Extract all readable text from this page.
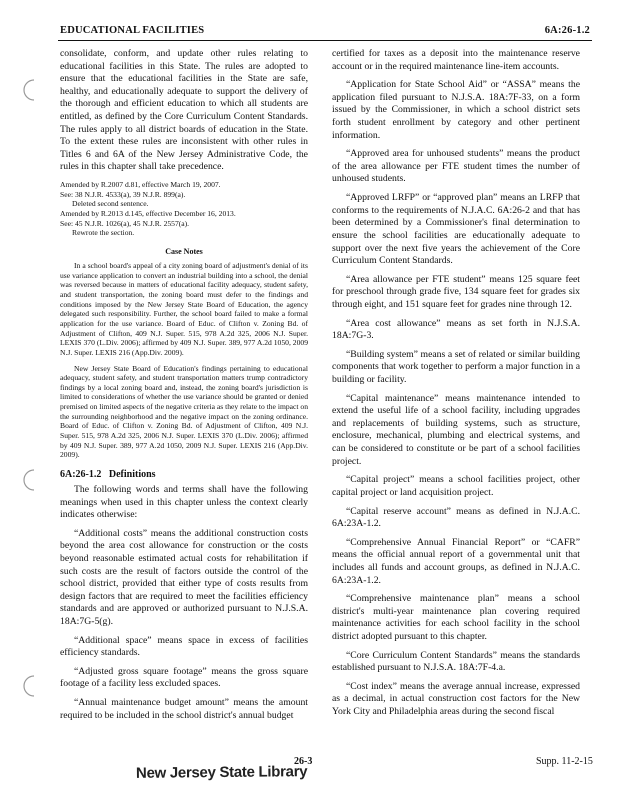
EDUCATIONAL FACILITIES	6A:26-1.2

consolidate, conform, and update other rules relating to educational facilities in this State. The rules are adopted to ensure that the educational facilities in the State are safe, healthy, and educationally adequate to support the delivery of the thorough and efficient education to which all students are entitled, as defined by the Core Curriculum Content Standards. The rules apply to all district boards of education in the State. To the extent these rules are inconsistent with other rules in Titles 6 and 6A of the New Jersey Administrative Code, the rules in this chapter shall take precedence.

Amended by R.2007 d.81, effective March 19, 2007.
See: 38 N.J.R. 4533(a), 39 N.J.R. 899(a).
Deleted second sentence.
Amended by R.2013 d.145, effective December 16, 2013.
See: 45 N.J.R. 1026(a), 45 N.J.R. 2557(a).
Rewrote the section.
Case Notes

In a school board's appeal of a city zoning board of adjustment's denial of its use variance application to convert an industrial building into a school, the denial was reversed because in matters of educational facility adequacy, student safety, and student transportation, the zoning board must defer to the findings and conditions imposed by the New Jersey State Board of Education, the agency delegated such responsibility. Further, the school board failed to make a formal application for the use variance. Board of Educ. of Clifton v. Zoning Bd. of Adjustment of Clifton, 409 N.J. Super. 515, 978 A.2d 325, 2006 N.J. Super. LEXIS 370 (L.Div. 2006); affirmed by 409 N.J. Super. 389, 977 A.2d 1050, 2009 N.J. Super. LEXIS 216 (App.Div. 2009).

New Jersey State Board of Education's findings pertaining to educational adequacy, student safety, and student transportation matters trump contradictory findings by a local zoning board and, instead, the zoning board's jurisdiction is limited to considerations of whether the use variance should be granted or denied premised on limited aspects of the negative criteria as they relate to the impact on the surrounding neighborhood and the negative impact on the zoning ordinance. Board of Educ. of Clifton v. Zoning Bd. of Adjustment of Clifton, 409 N.J. Super. 515, 978 A.2d 325, 2006 N.J. Super. LEXIS 370 (L.Div. 2006); affirmed by 409 N.J. Super. 389, 977 A.2d 1050, 2009 N.J. Super. LEXIS 216 (App.Div. 2009).

6A:26-1.2   Definitions

The following words and terms shall have the following meanings when used in this chapter unless the context clearly indicates otherwise:

“Additional costs” means the additional construction costs beyond the area cost allowance for construction or the costs beyond reasonable estimated actual costs for rehabilitation if such costs are the result of factors outside the control of the school district, provided that either type of costs results from design factors that are required to meet the facilities efficiency standards and are approved or authorized pursuant to N.J.S.A. 18A:7G-5(g).

“Additional space” means space in excess of facilities efficiency standards.

“Adjusted gross square footage” means the gross square footage of a facility less excluded spaces.

“Annual maintenance budget amount” means the amount required to be included in the school district's annual budget

certified for taxes as a deposit into the maintenance reserve account or in the required maintenance line-item accounts.

“Application for State School Aid” or “ASSA” means the application filed pursuant to N.J.S.A. 18A:7F-33, on a form issued by the Commissioner, in which a school district sets forth student enrollment by category and other pertinent information.

“Approved area for unhoused students” means the product of the area allowance per FTE student times the number of unhoused students.

“Approved LRFP” or “approved plan” means an LRFP that conforms to the requirements of N.J.A.C. 6A:26-2 and that has been determined by a Commissioner's final determination to ensure the school facilities are educationally adequate to support over the next five years the achievement of the Core Curriculum Content Standards.

“Area allowance per FTE student” means 125 square feet for preschool through grade five, 134 square feet for grades six through eight, and 151 square feet for grades nine through 12.

“Area cost allowance” means as set forth in N.J.S.A. 18A:7G-3.

“Building system” means a set of related or similar building components that work together to perform a major function in a building or facility.

“Capital maintenance” means maintenance intended to extend the useful life of a school facility, including upgrades and replacements of building systems, such as structure, enclosure, mechanical, plumbing and electrical systems, and can be considered to constitute or be part of a school facilities project.

“Capital project” means a school facilities project, other capital project or land acquisition project.

“Capital reserve account” means as defined in N.J.A.C. 6A:23A-1.2.

“Comprehensive Annual Financial Report” or “CAFR” means the official annual report of a governmental unit that includes all funds and account groups, as defined in N.J.A.C. 6A:23A-1.2.

“Comprehensive maintenance plan” means a school district's multi-year maintenance plan covering required maintenance activities for each school facility in the school district adopted pursuant to this chapter.

“Core Curriculum Content Standards” means the standards established pursuant to N.J.S.A. 18A:7F-4.a.

“Cost index” means the average annual increase, expressed as a decimal, in actual construction cost factors for the New York City and Philadelphia areas during the second fiscal

26-3	Supp. 11-2-15
New Jersey State Library
